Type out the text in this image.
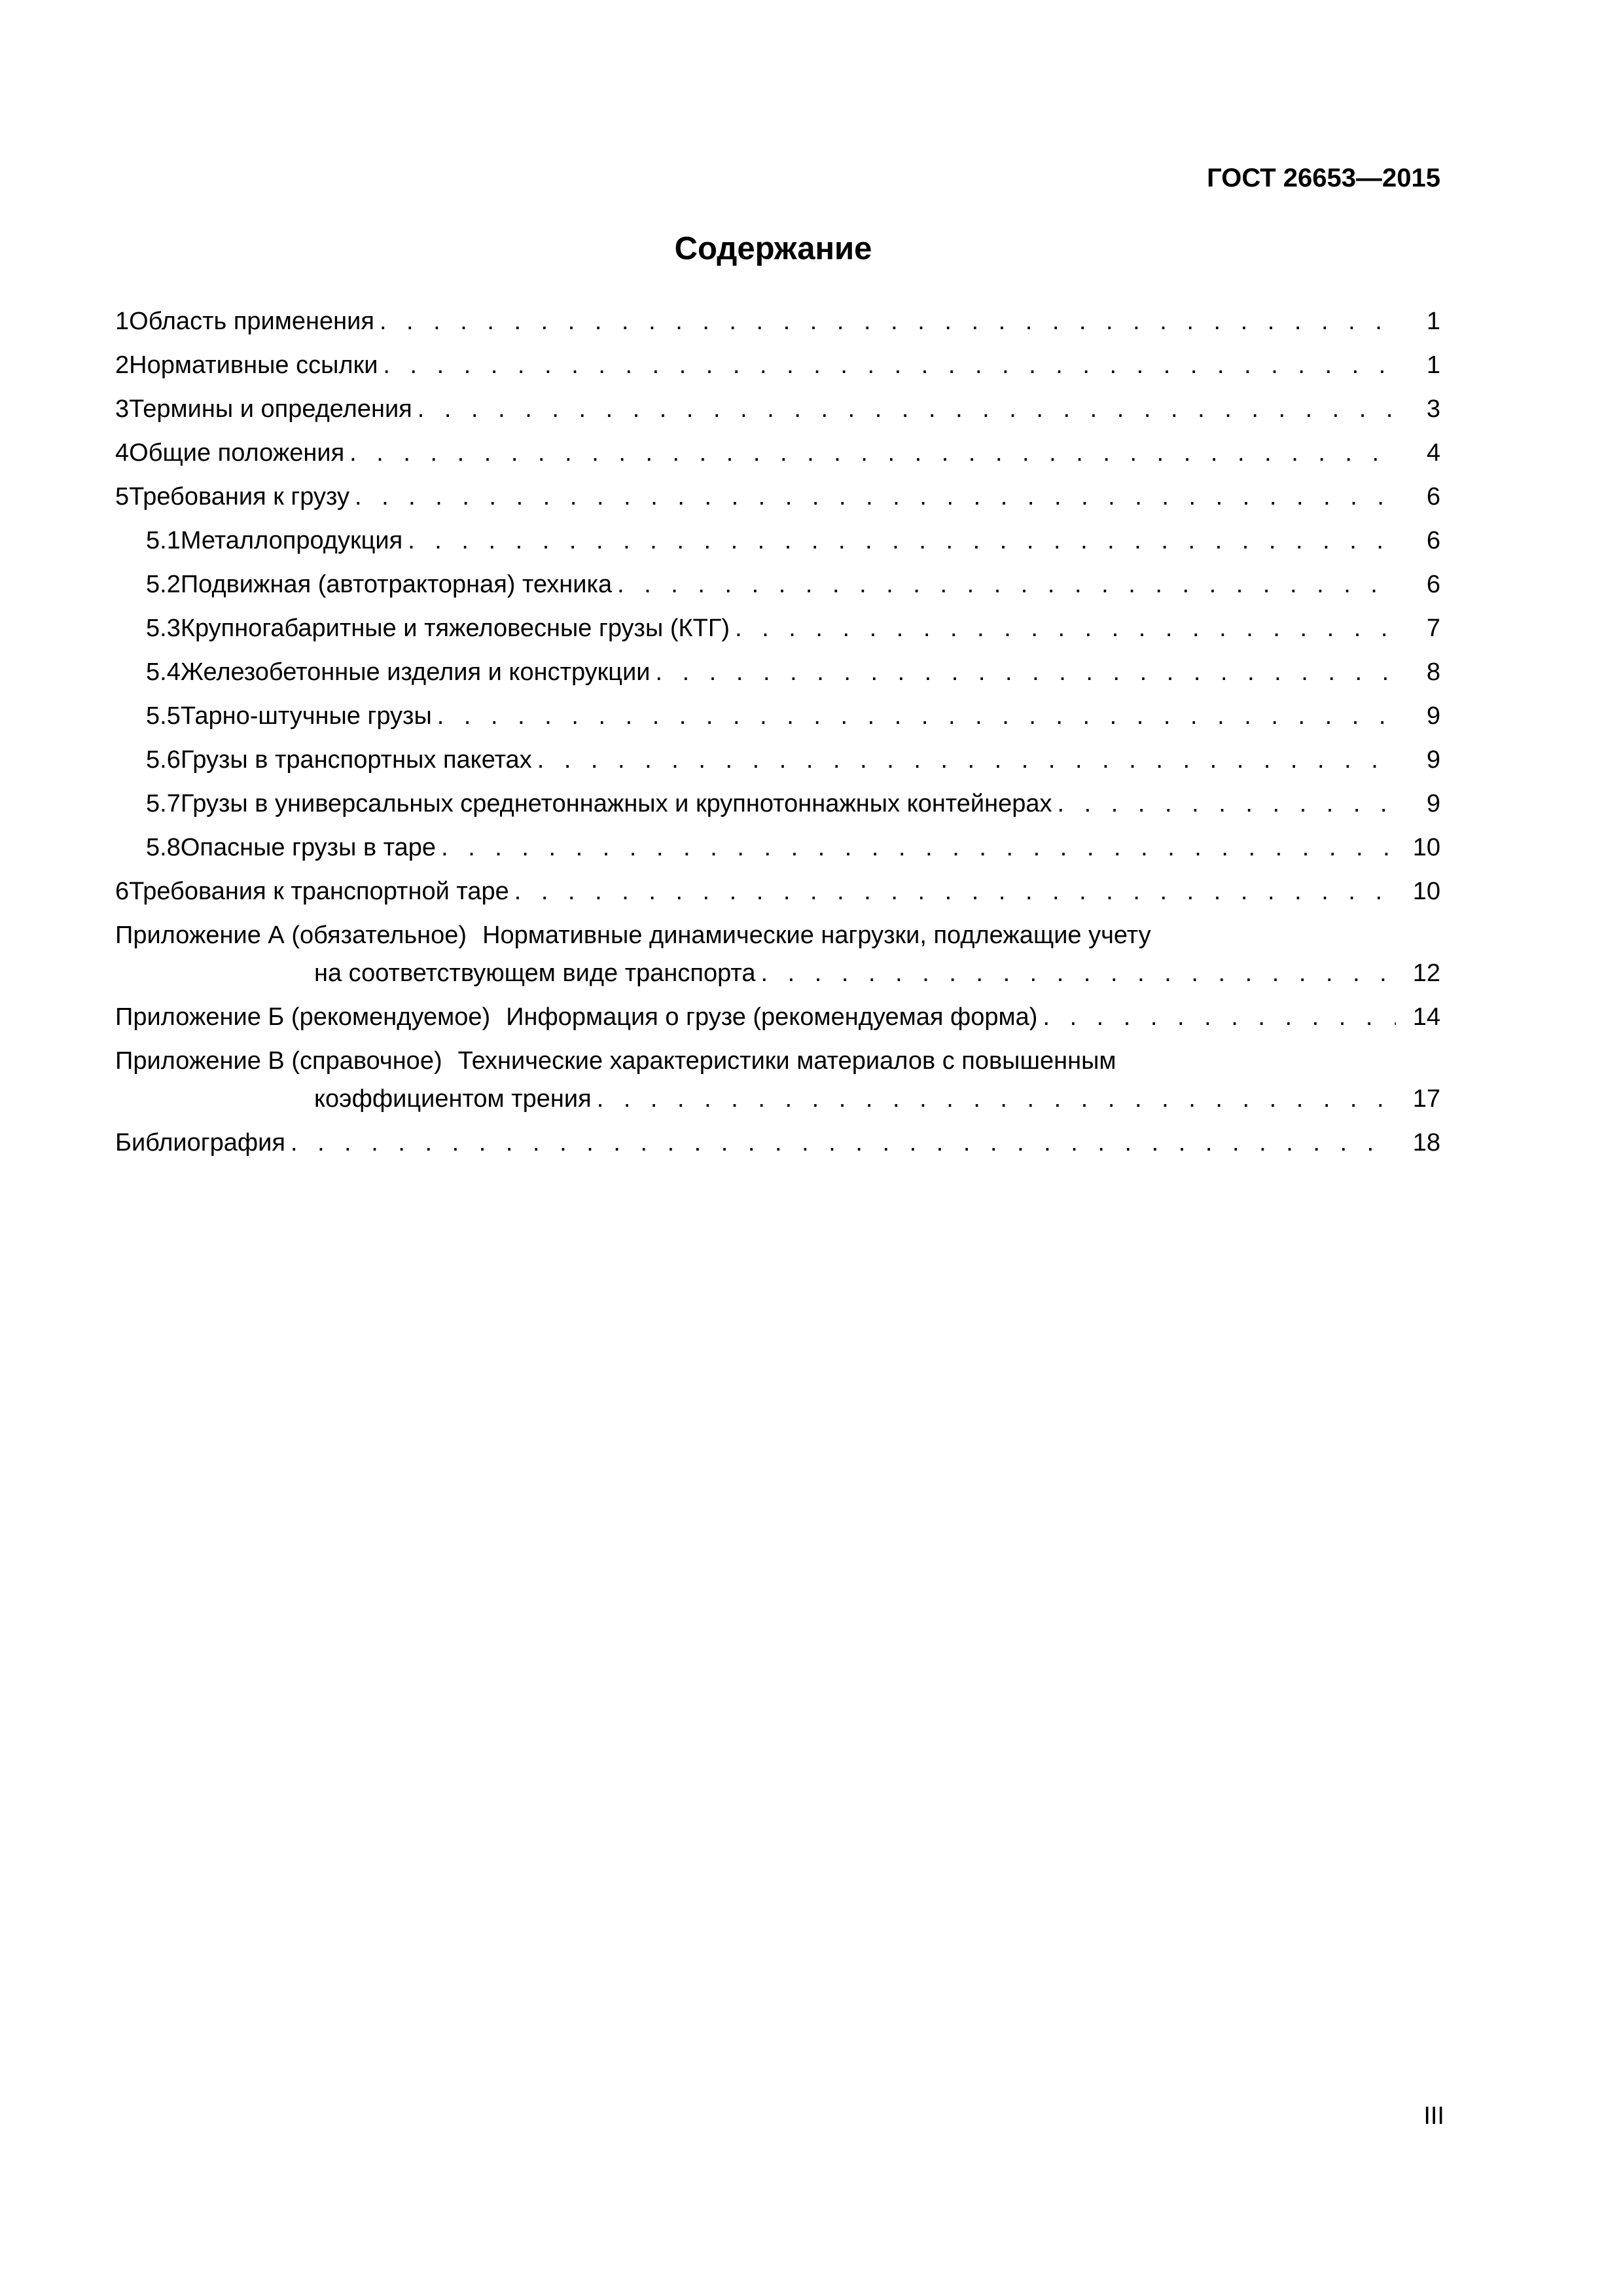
ГОСТ 26653—2015
Содержание
1 Область применения . . .	1
2 Нормативные ссылки . . .	1
3 Термины и определения . . .	3
4 Общие положения . . .	4
5 Требования к грузу . . .	6
5.1 Металлопродукция . . .	6
5.2 Подвижная (автотракторная) техника . . .	6
5.3 Крупногабаритные и тяжеловесные грузы (КТГ) . . .	7
5.4 Железобетонные изделия и конструкции . . .	8
5.5 Тарно-штучные грузы . . .	9
5.6 Грузы в транспортных пакетах . . .	9
5.7 Грузы в универсальных среднетоннажных и крупнотоннажных контейнерах . . .	9
5.8 Опасные грузы в таре . . .	10
6 Требования к транспортной таре . . .	10
Приложение А (обязательное) Нормативные динамические нагрузки, подлежащие учету
на соответствующем виде транспорта . . .	12
Приложение Б (рекомендуемое) Информация о грузе (рекомендуемая форма) . . .	14
Приложение В (справочное) Технические характеристики материалов с повышенным
коэффициентом трения . . .	17
Библиография . . .	18
III
